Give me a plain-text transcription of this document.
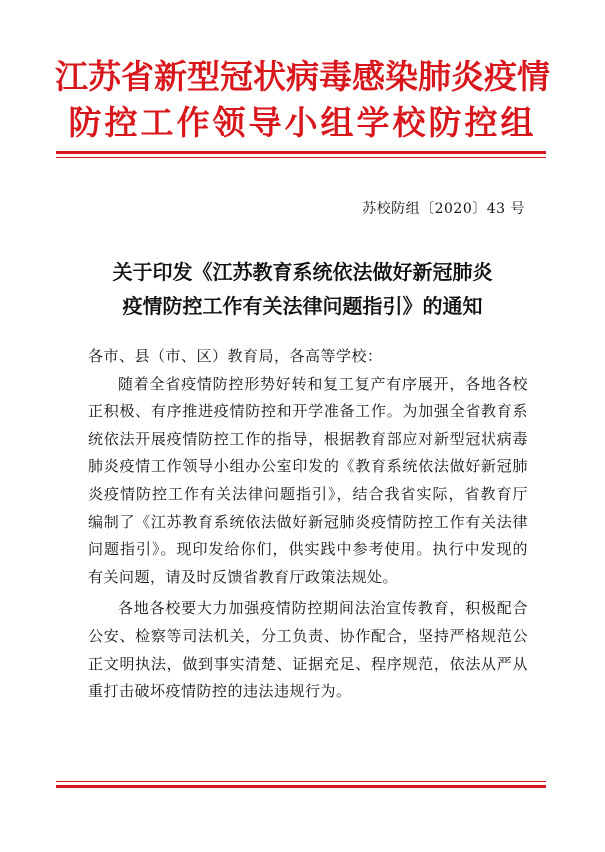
江苏省新型冠状病毒感染肺炎疫情
防控工作领导小组学校防控组
苏校防组〔2020〕43 号
关于印发《江苏教育系统依法做好新冠肺炎
疫情防控工作有关法律问题指引》的通知

各市、县（市、区）教育局，各高等学校：

随着全省疫情防控形势好转和复工复产有序展开，各地各校正积极、有序推进疫情防控和开学准备工作。为加强全省教育系统依法开展疫情防控工作的指导，根据教育部应对新型冠状病毒肺炎疫情工作领导小组办公室印发的《教育系统依法做好新冠肺炎疫情防控工作有关法律问题指引》，结合我省实际，省教育厅编制了《江苏教育系统依法做好新冠肺炎疫情防控工作有关法律问题指引》。现印发给你们，供实践中参考使用。执行中发现的有关问题，请及时反馈省教育厅政策法规处。

各地各校要大力加强疫情防控期间法治宣传教育，积极配合公安、检察等司法机关，分工负责、协作配合，坚持严格规范公正文明执法，做到事实清楚、证据充足、程序规范，依法从严从重打击破坏疫情防控的违法违规行为。
